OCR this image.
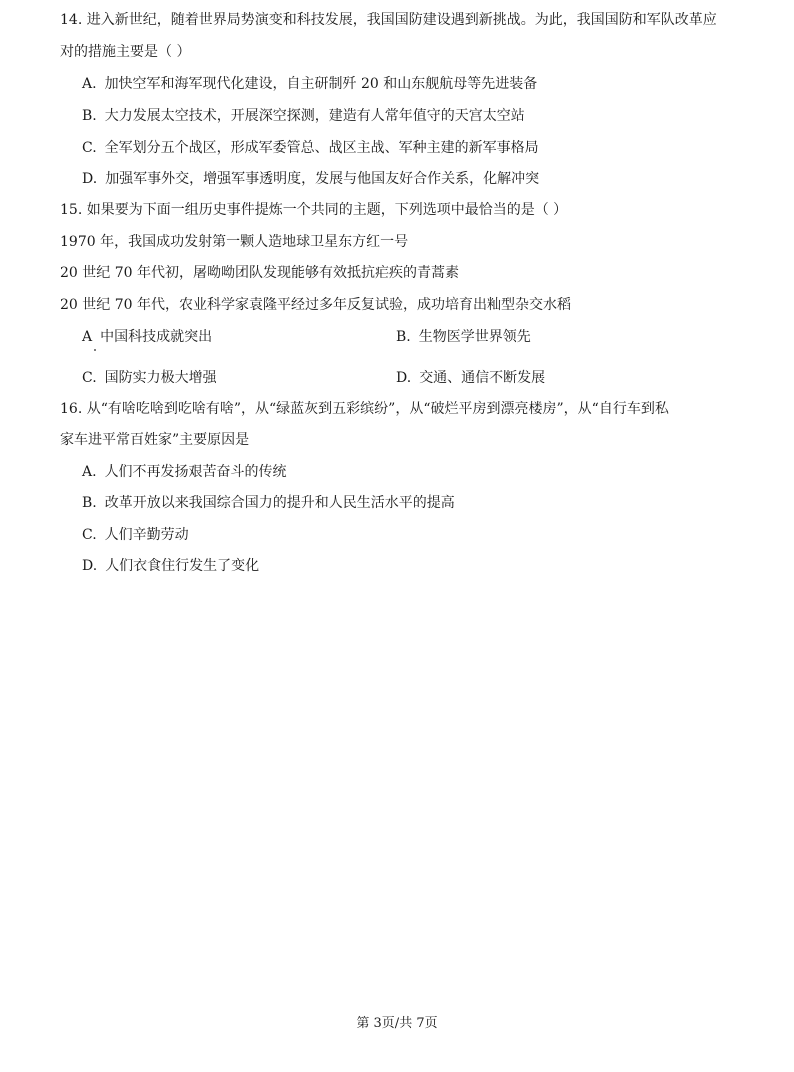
14. 进入新世纪，随着世界局势演变和科技发展，我国国防建设遇到新挑战。为此，我国国防和军队改革应
对的措施主要是（ ）
A. 加快空军和海军现代化建设，自主研制歼 20 和山东舰航母等先进装备
B. 大力发展太空技术，开展深空探测，建造有人常年值守的天宫太空站
C. 全军划分五个战区，形成军委管总、战区主战、军种主建的新军事格局
D. 加强军事外交，增强军事透明度，发展与他国友好合作关系，化解冲突
15. 如果要为下面一组历史事件提炼一个共同的主题，下列选项中最恰当的是（ ）
1970 年，我国成功发射第一颗人造地球卫星东方红一号
20 世纪 70 年代初，屠呦呦团队发现能够有效抵抗疟疾的青蒿素
20 世纪 70 年代，农业科学家袁隆平经过多年反复试验，成功培育出籼型杂交水稻
A 中国科技成就突出	B. 生物医学世界领先
C. 国防实力极大增强	D. 交通、通信不断发展
16. 从“有啥吃啥到吃啥有啥”，从“绿蓝灰到五彩缤纷”，从“破烂平房到漂亮楼房”，从“自行车到私
家车进平常百姓家”主要原因是
A. 人们不再发扬艰苦奋斗的传统
B. 改革开放以来我国综合国力的提升和人民生活水平的提高
C. 人们辛勤劳动
D. 人们衣食住行发生了变化
第 3页/共 7页
